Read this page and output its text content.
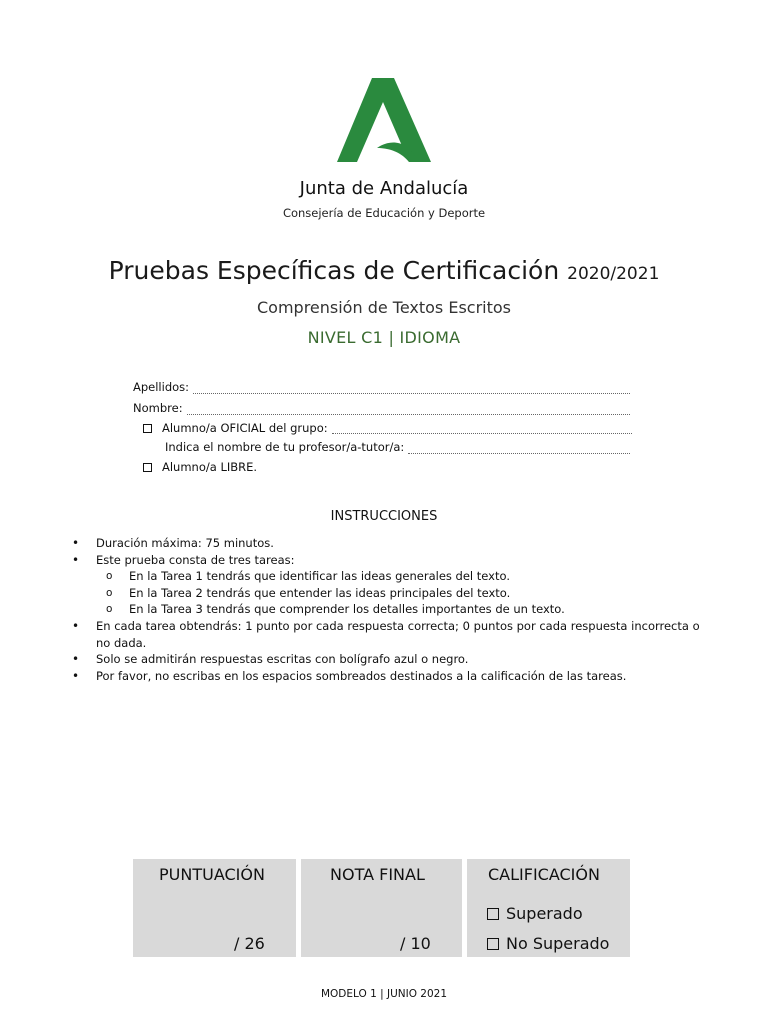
Junta de Andalucía
Consejería de Educación y Deporte
Pruebas Específicas de Certificación 2020/2021
Comprensión de Textos Escritos
NIVEL C1 | IDIOMA
Apellidos:
Nombre:
Alumno/a OFICIAL del grupo:
Indica el nombre de tu profesor/a-tutor/a:
Alumno/a LIBRE.
INSTRUCCIONES
• Duración máxima: 75 minutos.
• Este prueba consta de tres tareas:
o En la Tarea 1 tendrás que identificar las ideas generales del texto.
o En la Tarea 2 tendrás que entender las ideas principales del texto.
o En la Tarea 3 tendrás que comprender los detalles importantes de un texto.
• En cada tarea obtendrás: 1 punto por cada respuesta correcta; 0 puntos por cada respuesta incorrecta o no dada.
• Solo se admitirán respuestas escritas con bolígrafo azul o negro.
• Por favor, no escribas en los espacios sombreados destinados a la calificación de las tareas.
PUNTUACIÓN
/ 26
NOTA FINAL
/ 10
CALIFICACIÓN
Superado
No Superado
MODELO 1 | JUNIO 2021
